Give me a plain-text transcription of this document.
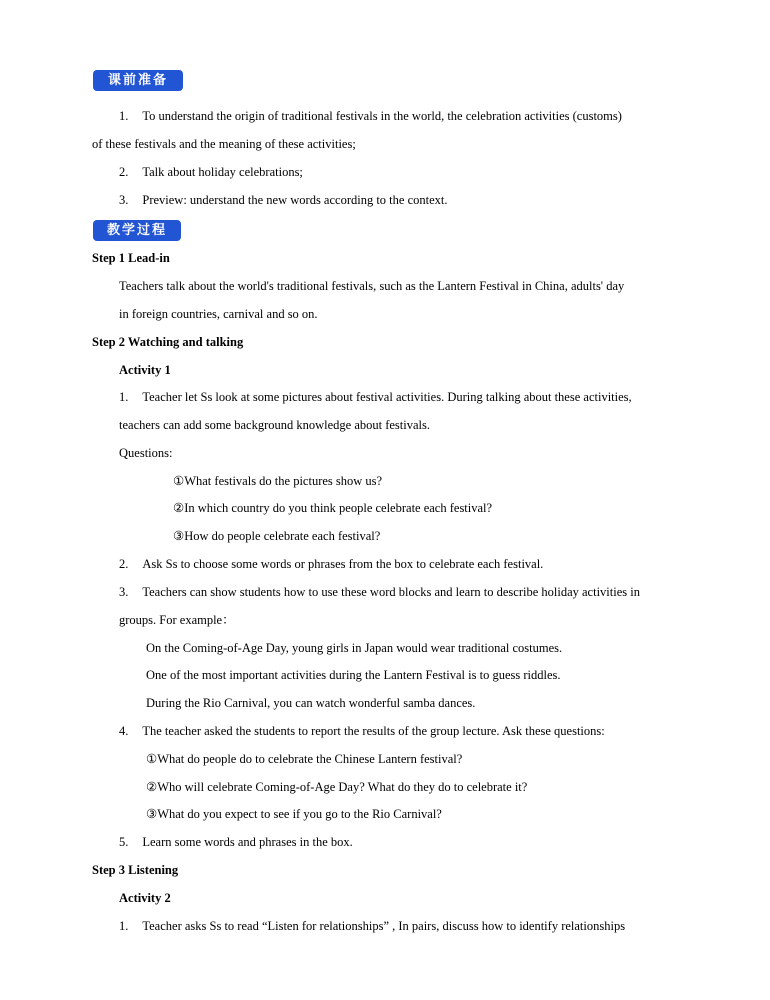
课前准备
1. To understand the origin of traditional festivals in the world, the celebration activities (customs)
of these festivals and the meaning of these activities;
2. Talk about holiday celebrations;
3. Preview: understand the new words according to the context.
教学过程
Step 1 Lead-in
Teachers talk about the world's traditional festivals, such as the Lantern Festival in China, adults' day
in foreign countries, carnival and so on.
Step 2 Watching and talking
Activity 1
1. Teacher let Ss look at some pictures about festival activities. During talking about these activities,
teachers can add some background knowledge about festivals.
Questions:
①What festivals do the pictures show us?
②In which country do you think people celebrate each festival?
③How do people celebrate each festival?
2. Ask Ss to choose some words or phrases from the box to celebrate each festival.
3. Teachers can show students how to use these word blocks and learn to describe holiday activities in
groups. For example：
On the Coming-of-Age Day, young girls in Japan would wear traditional costumes.
One of the most important activities during the Lantern Festival is to guess riddles.
During the Rio Carnival, you can watch wonderful samba dances.
4. The teacher asked the students to report the results of the group lecture. Ask these questions:
①What do people do to celebrate the Chinese Lantern festival?
②Who will celebrate Coming-of-Age Day? What do they do to celebrate it?
③What do you expect to see if you go to the Rio Carnival?
5. Learn some words and phrases in the box.
Step 3 Listening
Activity 2
1. Teacher asks Ss to read “Listen for relationships” , In pairs, discuss how to identify relationships
